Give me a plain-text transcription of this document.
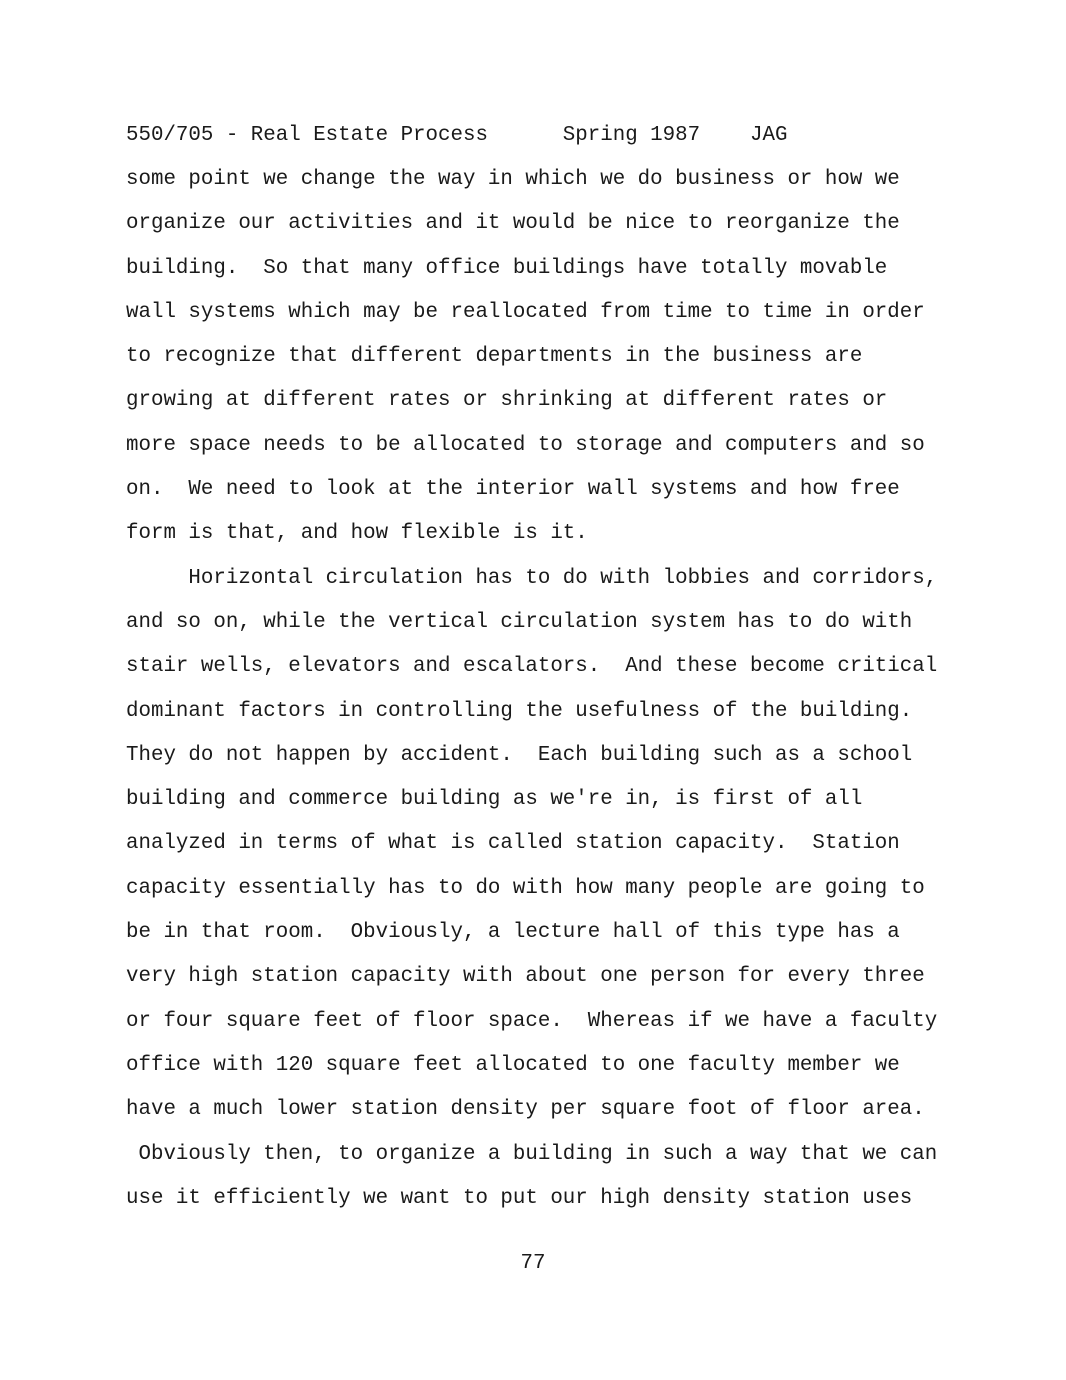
550/705 - Real Estate Process      Spring 1987    JAG
some point we change the way in which we do business or how we
organize our activities and it would be nice to reorganize the
building.  So that many office buildings have totally movable
wall systems which may be reallocated from time to time in order
to recognize that different departments in the business are
growing at different rates or shrinking at different rates or
more space needs to be allocated to storage and computers and so
on.  We need to look at the interior wall systems and how free
form is that, and how flexible is it.
Horizontal circulation has to do with lobbies and corridors,
and so on, while the vertical circulation system has to do with
stair wells, elevators and escalators.  And these become critical
dominant factors in controlling the usefulness of the building.
They do not happen by accident.  Each building such as a school
building and commerce building as we're in, is first of all
analyzed in terms of what is called station capacity.  Station
capacity essentially has to do with how many people are going to
be in that room.  Obviously, a lecture hall of this type has a
very high station capacity with about one person for every three
or four square feet of floor space.  Whereas if we have a faculty
office with 120 square feet allocated to one faculty member we
have a much lower station density per square foot of floor area.
Obviously then, to organize a building in such a way that we can
use it efficiently we want to put our high density station uses
77
